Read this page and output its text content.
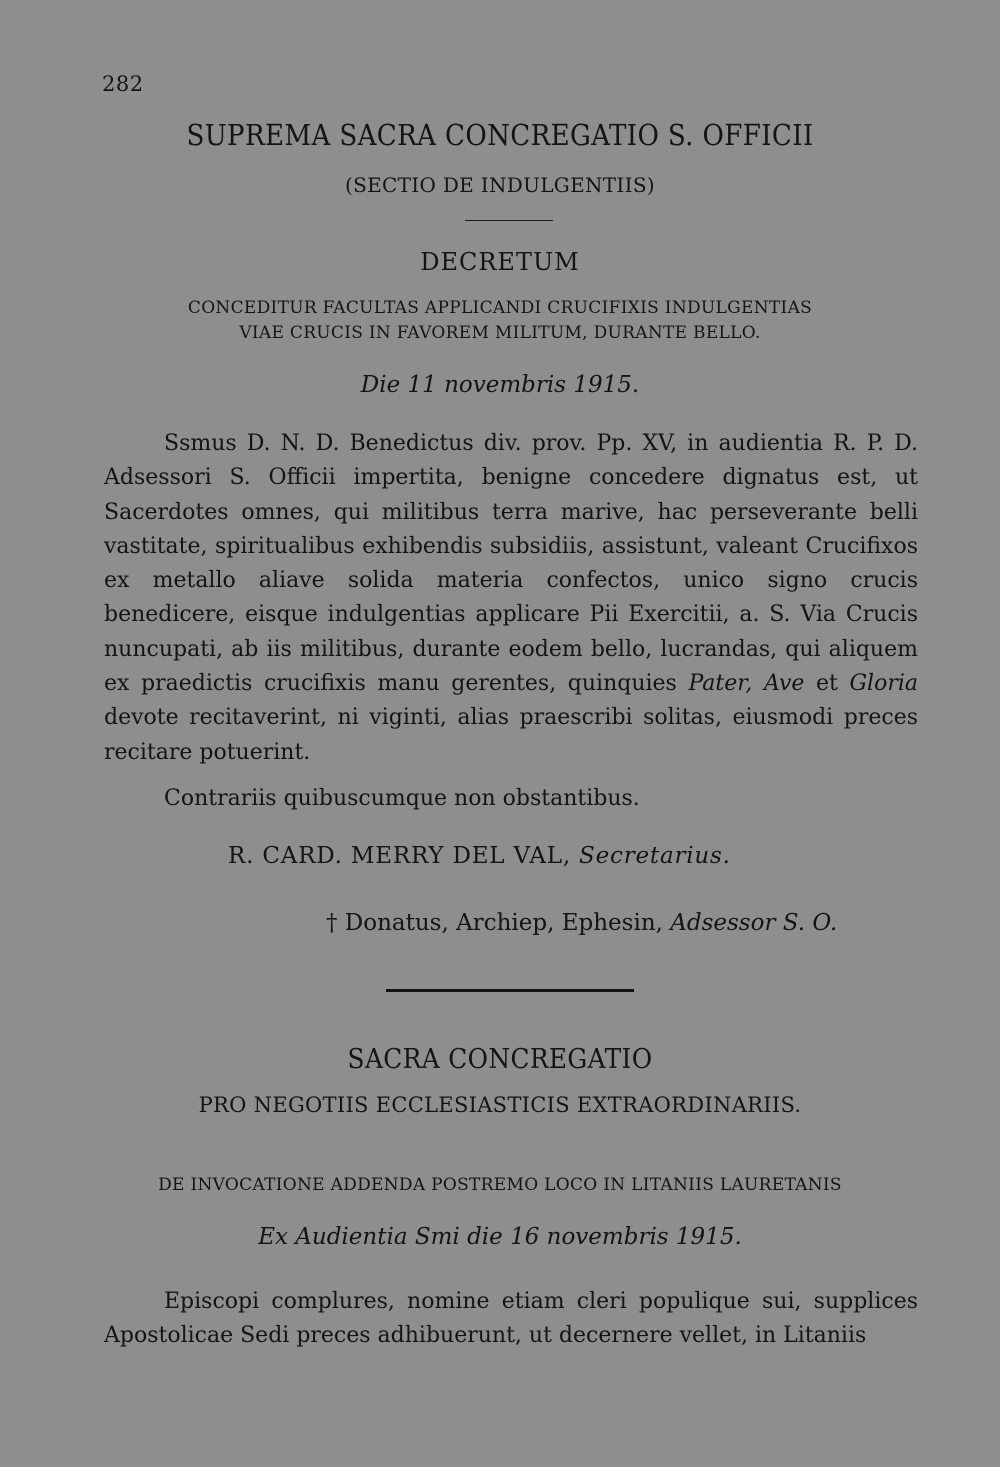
282
SUPREMA SACRA CONCREGATIO S. OFFICII
(SECTIO DE INDULGENTIIS)
DECRETUM
CONCEDITUR FACULTAS APPLICANDI CRUCIFIXIS INDULGENTIAS
VIAE CRUCIS IN FAVOREM MILITUM, DURANTE BELLO.
Die 11 novembris 1915.
Ssmus D. N. D. Benedictus div. prov. Pp. XV, in audientia R. P. D. Adsessori S. Officii impertita, benigne concedere dignatus est, ut Sacerdotes omnes, qui militibus terra marive, hac perseverante belli vastitate, spiritualibus exhibendis subsidiis, assistunt, valeant Crucifixos ex metallo aliave solida materia confectos, unico signo crucis benedicere, eisque indulgentias applicare Pii Exercitii, a. S. Via Crucis nuncupati, ab iis militibus, durante eodem bello, lucrandas, qui aliquem ex praedictis crucifixis manu gerentes, quinquies Pater, Ave et Gloria devote recitaverint, ni viginti, alias praescribi solitas, eiusmodi preces recitare potuerint.
Contrariis quibuscumque non obstantibus.
R. CARD. MERRY DEL VAL, Secretarius.
† Donatus, Archiep, Ephesin, Adsessor S. O.
SACRA CONCREGATIO
PRO NEGOTIIS ECCLESIASTICIS EXTRAORDINARIIS.
DE INVOCATIONE ADDENDA POSTREMO LOCO IN LITANIIS LAURETANIS
Ex Audientia Smi die 16 novembris 1915.
Episcopi complures, nomine etiam cleri populique sui, supplices Apostolicae Sedi preces adhibuerunt, ut decernere vellet, in Litaniis
